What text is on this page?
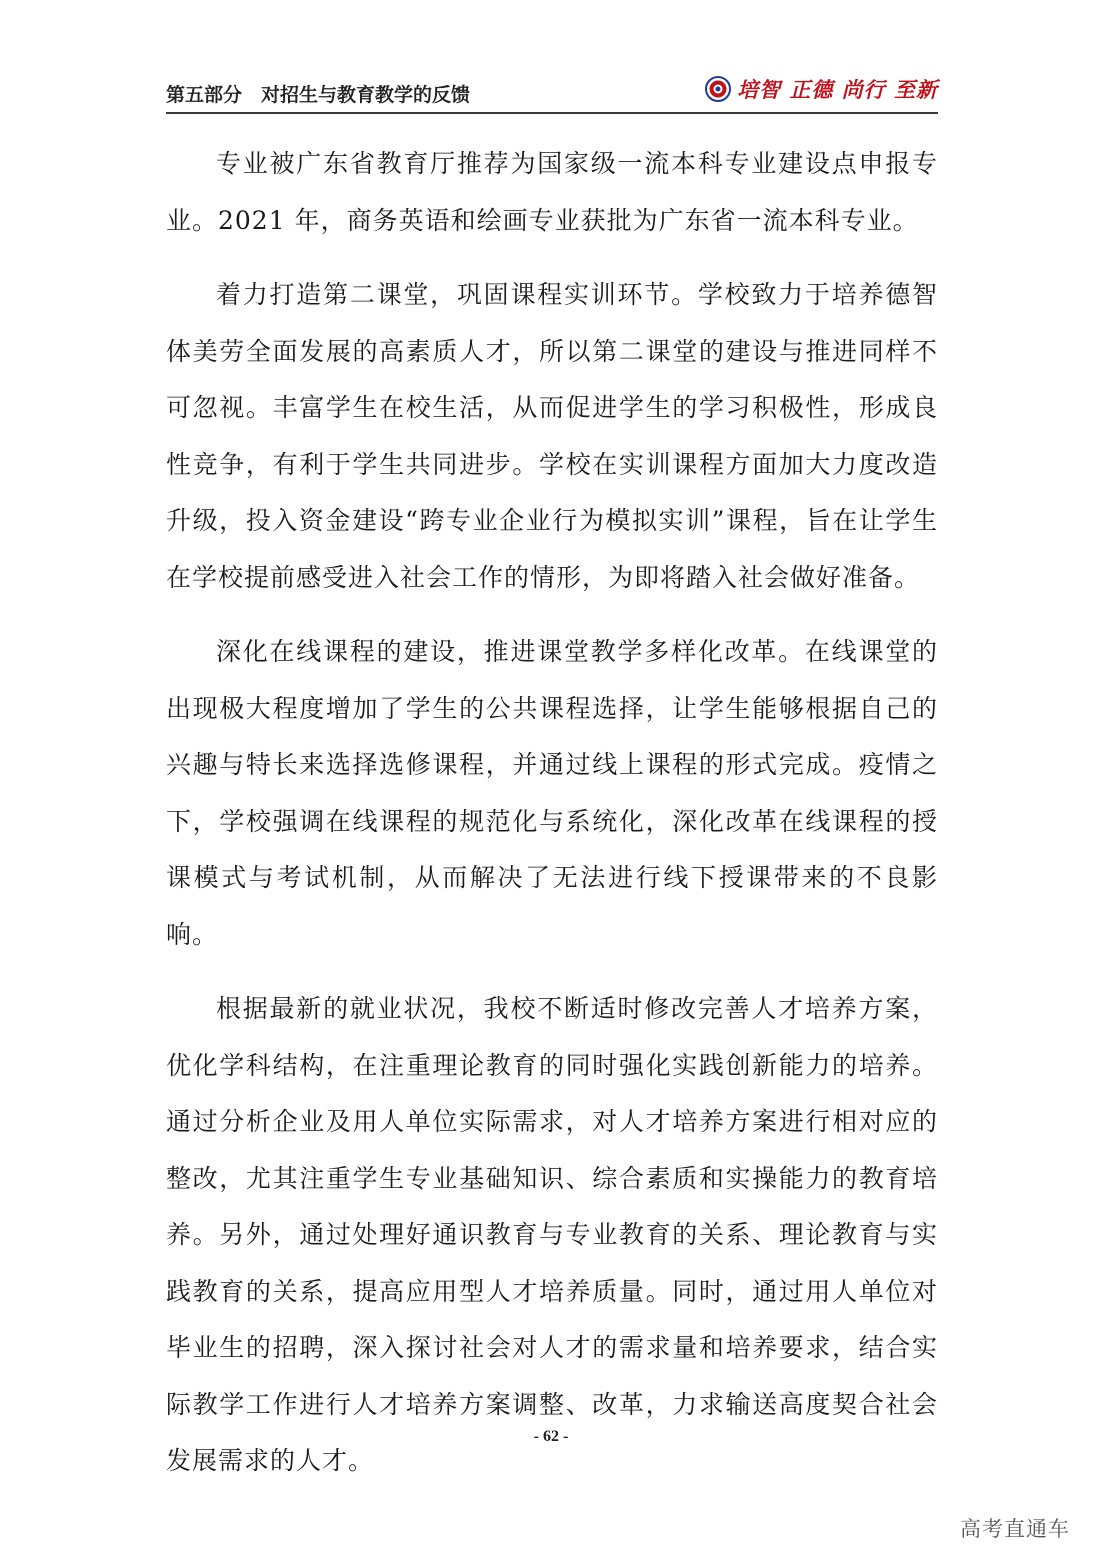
第五部分　对招生与教育教学的反馈	培智 正德 尚行 至新

专业被广东省教育厅推荐为国家级一流本科专业建设点申报专业。2021 年，商务英语和绘画专业获批为广东省一流本科专业。

着力打造第二课堂，巩固课程实训环节。学校致力于培养德智体美劳全面发展的高素质人才，所以第二课堂的建设与推进同样不可忽视。丰富学生在校生活，从而促进学生的学习积极性，形成良性竞争，有利于学生共同进步。学校在实训课程方面加大力度改造升级，投入资金建设“跨专业企业行为模拟实训”课程，旨在让学生在学校提前感受进入社会工作的情形，为即将踏入社会做好准备。

深化在线课程的建设，推进课堂教学多样化改革。在线课堂的出现极大程度增加了学生的公共课程选择，让学生能够根据自己的兴趣与特长来选择选修课程，并通过线上课程的形式完成。疫情之下，学校强调在线课程的规范化与系统化，深化改革在线课程的授课模式与考试机制，从而解决了无法进行线下授课带来的不良影响。

根据最新的就业状况，我校不断适时修改完善人才培养方案，优化学科结构，在注重理论教育的同时强化实践创新能力的培养。通过分析企业及用人单位实际需求，对人才培养方案进行相对应的整改，尤其注重学生专业基础知识、综合素质和实操能力的教育培养。另外，通过处理好通识教育与专业教育的关系、理论教育与实践教育的关系，提高应用型人才培养质量。同时，通过用人单位对毕业生的招聘，深入探讨社会对人才的需求量和培养要求，结合实际教学工作进行人才培养方案调整、改革，力求输送高度契合社会发展需求的人才。

- 62 -
高考直通车
